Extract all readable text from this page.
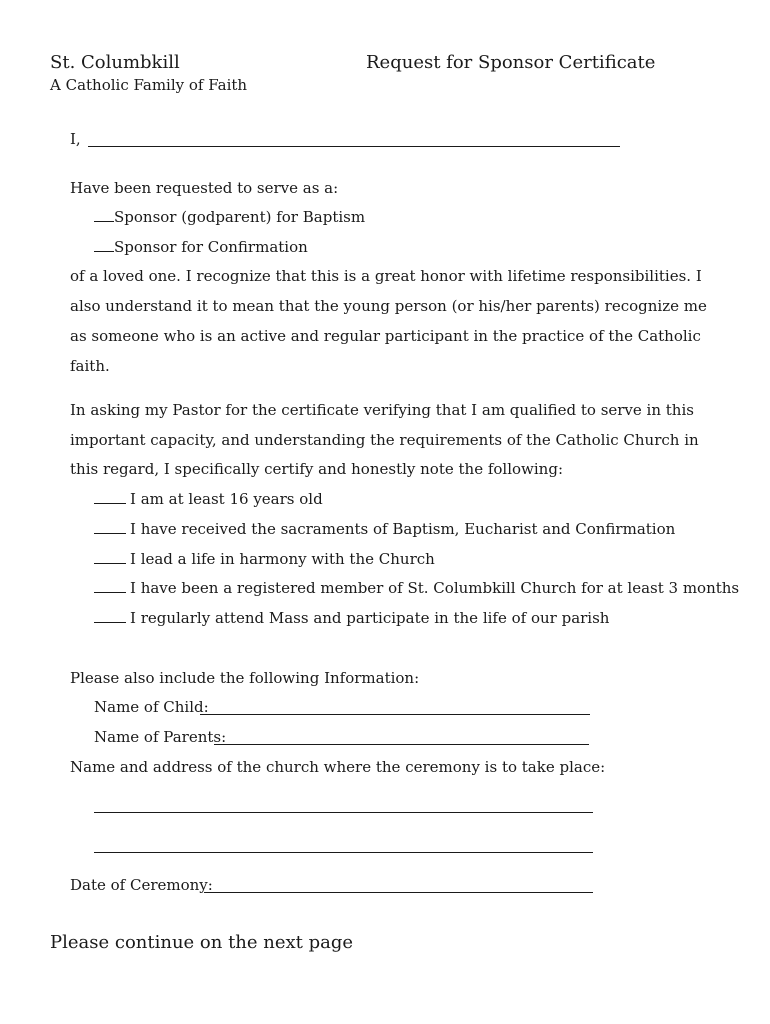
St. Columbkill
A Catholic Family of Faith
Request for Sponsor Certificate
I,
Have been requested to serve as a:
Sponsor (godparent) for Baptism
Sponsor for Confirmation
of a loved one. I recognize that this is a great honor with lifetime responsibilities. I
also understand it to mean that the young person (or his/her parents) recognize me
as someone who is an active and regular participant in the practice of the Catholic
faith.
In asking my Pastor for the certificate verifying that I am qualified to serve in this
important capacity, and understanding the requirements of the Catholic Church in
this regard, I specifically certify and honestly note the following:
I am at least 16 years old
I have received the sacraments of Baptism, Eucharist and Confirmation
I lead a life in harmony with the Church
I have been a registered member of St. Columbkill Church for at least 3 months
I regularly attend Mass and participate in the life of our parish
Please also include the following Information:
Name of Child:
Name of Parents:
Name and address of the church where the ceremony is to take place:
Date of Ceremony:
Please continue on the next page
